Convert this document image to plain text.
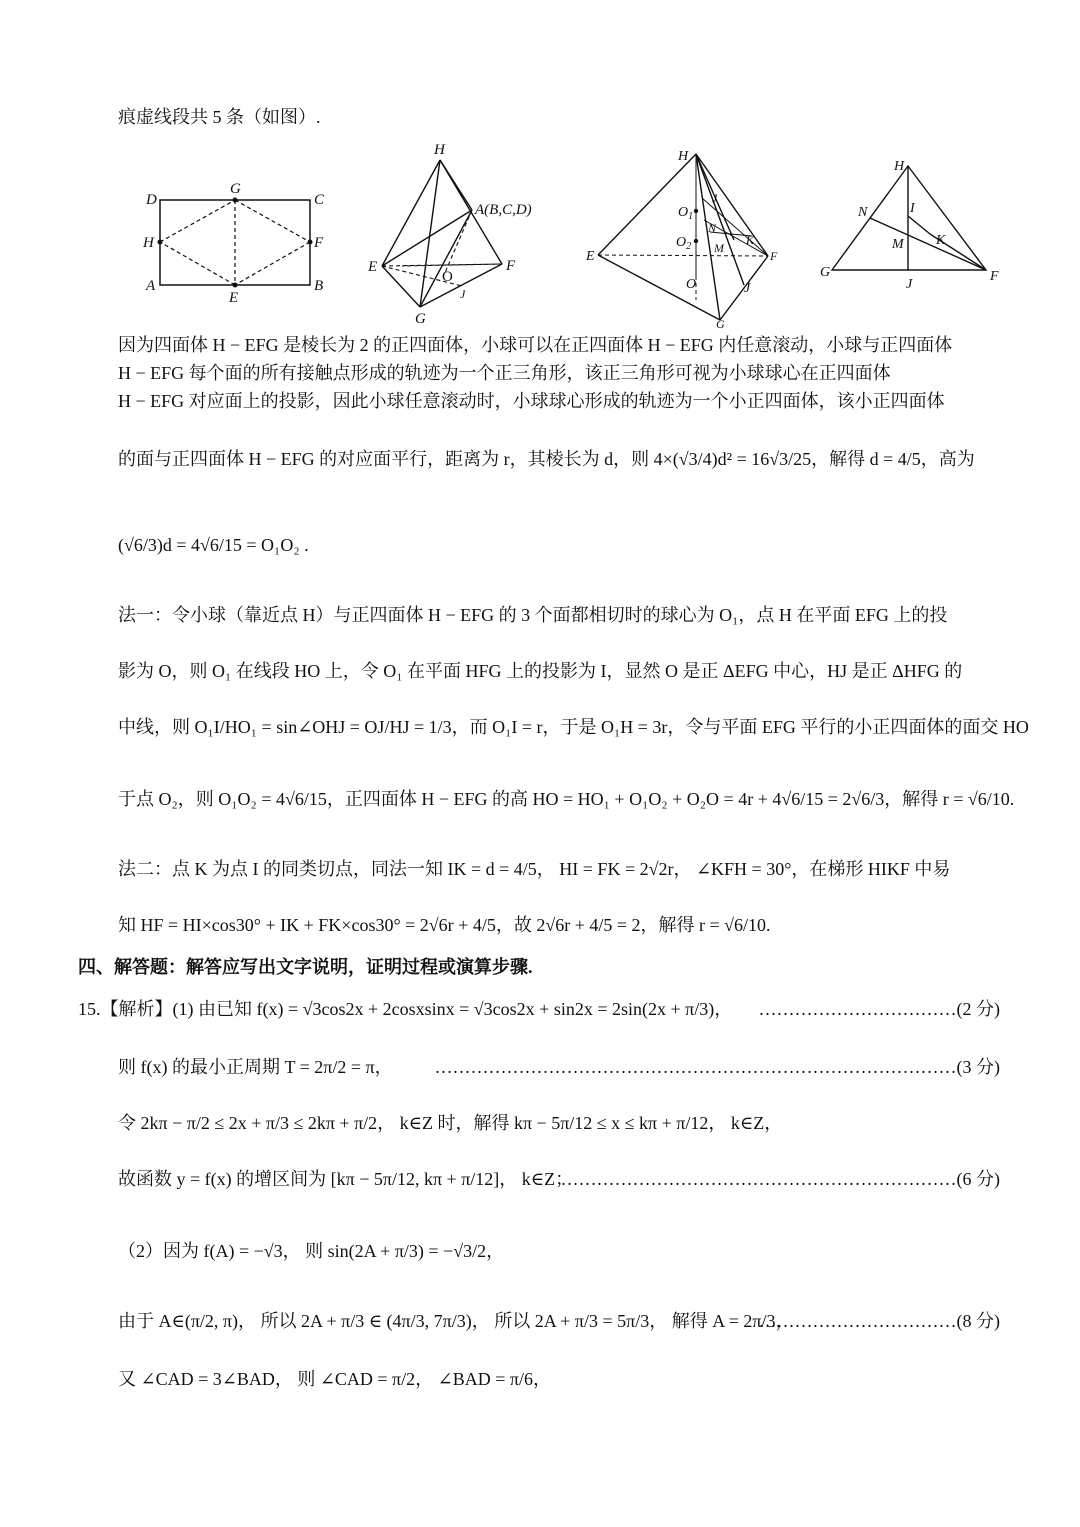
痕虚线段共 5 条（如图）.
D
G
C
H	F
A
E
B
H
A(B,C,D)
E
O
F
J
G
H
$O_1$
J
N
K
$O_2$ M
E	F
O	J
G
H
N	I
M K
G
J
F
因为四面体 H − EFG 是棱长为 2 的正四面体，小球可以在正四面体 H − EFG 内任意滚动，小球与正四面体
H − EFG 每个面的所有接触点形成的轨迹为一个正三角形，该正三角形可视为小球球心在正四面体
H − EFG 对应面上的投影，因此小球任意滚动时，小球球心形成的轨迹为一个小正四面体，该小正四面体
的面与正四面体 H − EFG 的对应面平行，距离为 r，其棱长为 d，则 4×(√3/4)d² = 16√3/25，解得 d = 4/5，高为
(√6/3)d = 4√6/15 = O₁O₂ .
法一：令小球（靠近点 H）与正四面体 H − EFG 的 3 个面都相切时的球心为 O₁，点 H 在平面 EFG 上的投
影为 O，则 O₁ 在线段 HO 上，令 O₁ 在平面 HFG 上的投影为 I，显然 O 是正 ΔEFG 中心，HJ 是正 ΔHFG 的
中线，则 O₁I/HO₁ = sin∠OHJ = OJ/HJ = 1/3，而 O₁I = r，于是 O₁H = 3r，令与平面 EFG 平行的小正四面体的面交 HO
于点 O₂，则 O₁O₂ = 4√6/15，正四面体 H − EFG 的高 HO = HO₁ + O₁O₂ + O₂O = 4r + 4√6/15 = 2√6/3，解得 r = √6/10.
法二：点 K 为点 I 的同类切点，同法一知 IK = d = 4/5， HI = FK = 2√2r， ∠KFH = 30°，在梯形 HIKF 中易
知 HF = HI×cos30° + IK + FK×cos30° = 2√6r + 4/5，故 2√6r + 4/5 = 2，解得 r = √6/10.
四、解答题：解答应写出文字说明，证明过程或演算步骤.
15.【解析】(1) 由已知 f(x) = √3cos2x + 2cosxsinx = √3cos2x + sin2x = 2sin(2x + π/3)，	……………………………(2 分)
则 f(x) 的最小正周期 T = 2π/2 = π，	……………………………………………………………………………(3 分)
令 2kπ − π/2 ≤ 2x + π/3 ≤ 2kπ + π/2， k∈Z 时，解得 kπ − 5π/12 ≤ x ≤ kπ + π/12， k∈Z，
故函数 y = f(x) 的增区间为 [kπ − 5π/12, kπ + π/12]， k∈Z；
…………………………………………………………(6 分)
（2）因为 f(A) = −√3， 则 sin(2A + π/3) = −√3/2，
由于 A∈(π/2, π)， 所以 2A + π/3 ∈ (4π/3, 7π/3)， 所以 2A + π/3 = 5π/3， 解得 A = 2π/3，
……………………………(8 分)
又 ∠CAD = 3∠BAD， 则 ∠CAD = π/2， ∠BAD = π/6，
